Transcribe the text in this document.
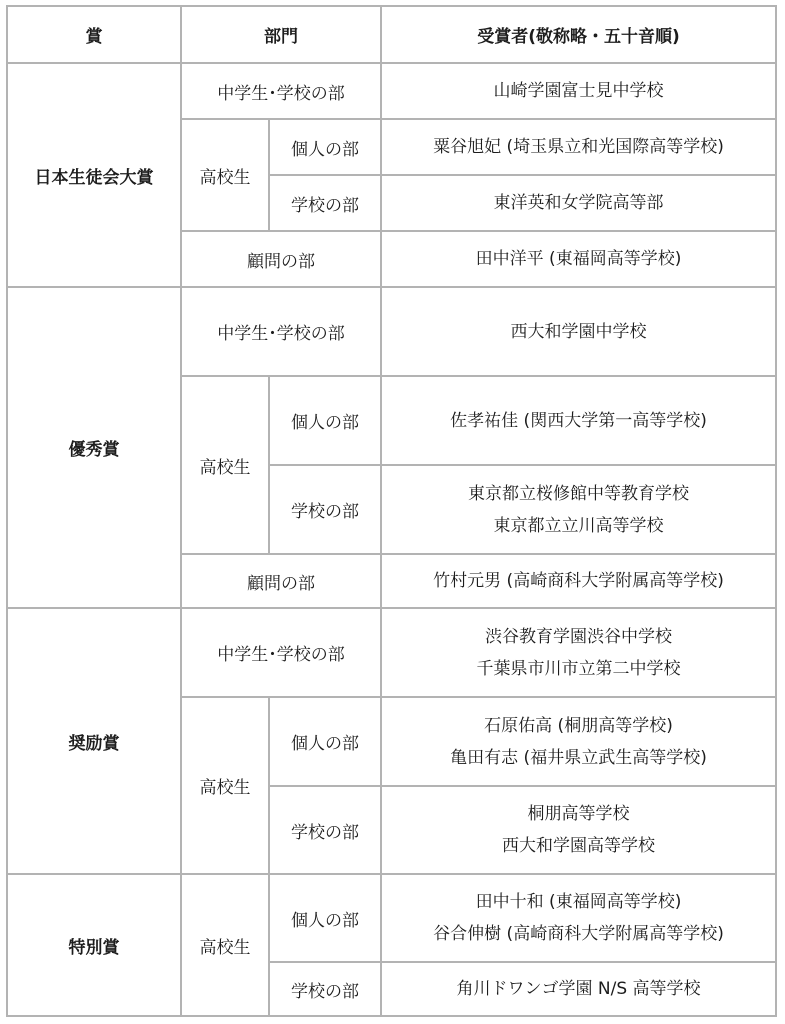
賞	部門		受賞者(敬称略・五十音順)
日本生徒会大賞	中学生･学校の部		山崎学園富士見中学校

	高校生	個人の部	粟谷旭妃 (埼玉県立和光国際高等学校)

		学校の部	東洋英和女学院高等部

	顧問の部		田中洋平 (東福岡高等学校)

優秀賞	中学生･学校の部		西大和学園中学校

	高校生	個人の部	佐孝祐佳 (関西大学第一高等学校)

		学校の部	東京都立桜修館中等教育学校
東京都立立川高等学校

	顧問の部		竹村元男 (高崎商科大学附属高等学校)

奨励賞	中学生･学校の部		渋谷教育学園渋谷中学校
千葉県市川市立第二中学校

	高校生	個人の部	石原佑高 (桐朋高等学校)
亀田有志 (福井県立武生高等学校)

		学校の部	桐朋高等学校
西大和学園高等学校

特別賞	高校生	個人の部	田中十和 (東福岡高等学校)
谷合伸樹 (高崎商科大学附属高等学校)

		学校の部	角川ドワンゴ学園 N/S 高等学校
